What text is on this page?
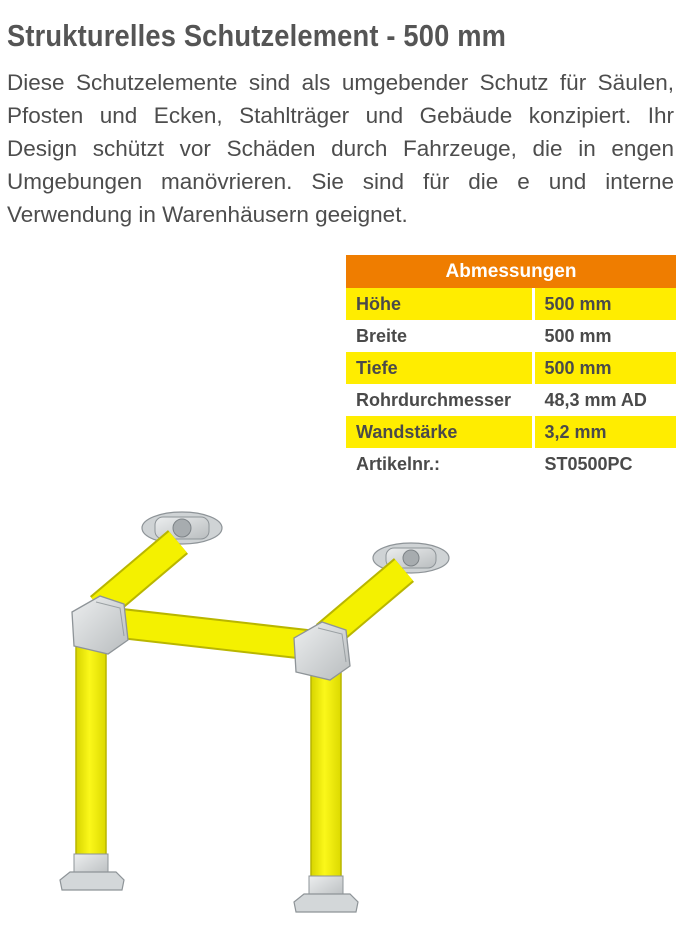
Strukturelles Schutzelement - 500 mm

Diese Schutzelemente sind als umgebender Schutz für Säulen, Pfosten und Ecken, Stahlträger und Gebäude konzipiert. Ihr Design schützt vor Schäden durch Fahrzeuge, die in engen Umgebungen manövrieren. Sie sind für die e und interne Verwendung in Warenhäusern geeignet.

Abmessungen	
Höhe	500 mm
Breite	500 mm
Tiefe	500 mm
Rohrdurchmesser	48,3 mm AD
Wandstärke	3,2 mm
Artikelnr.:	ST0500PC
